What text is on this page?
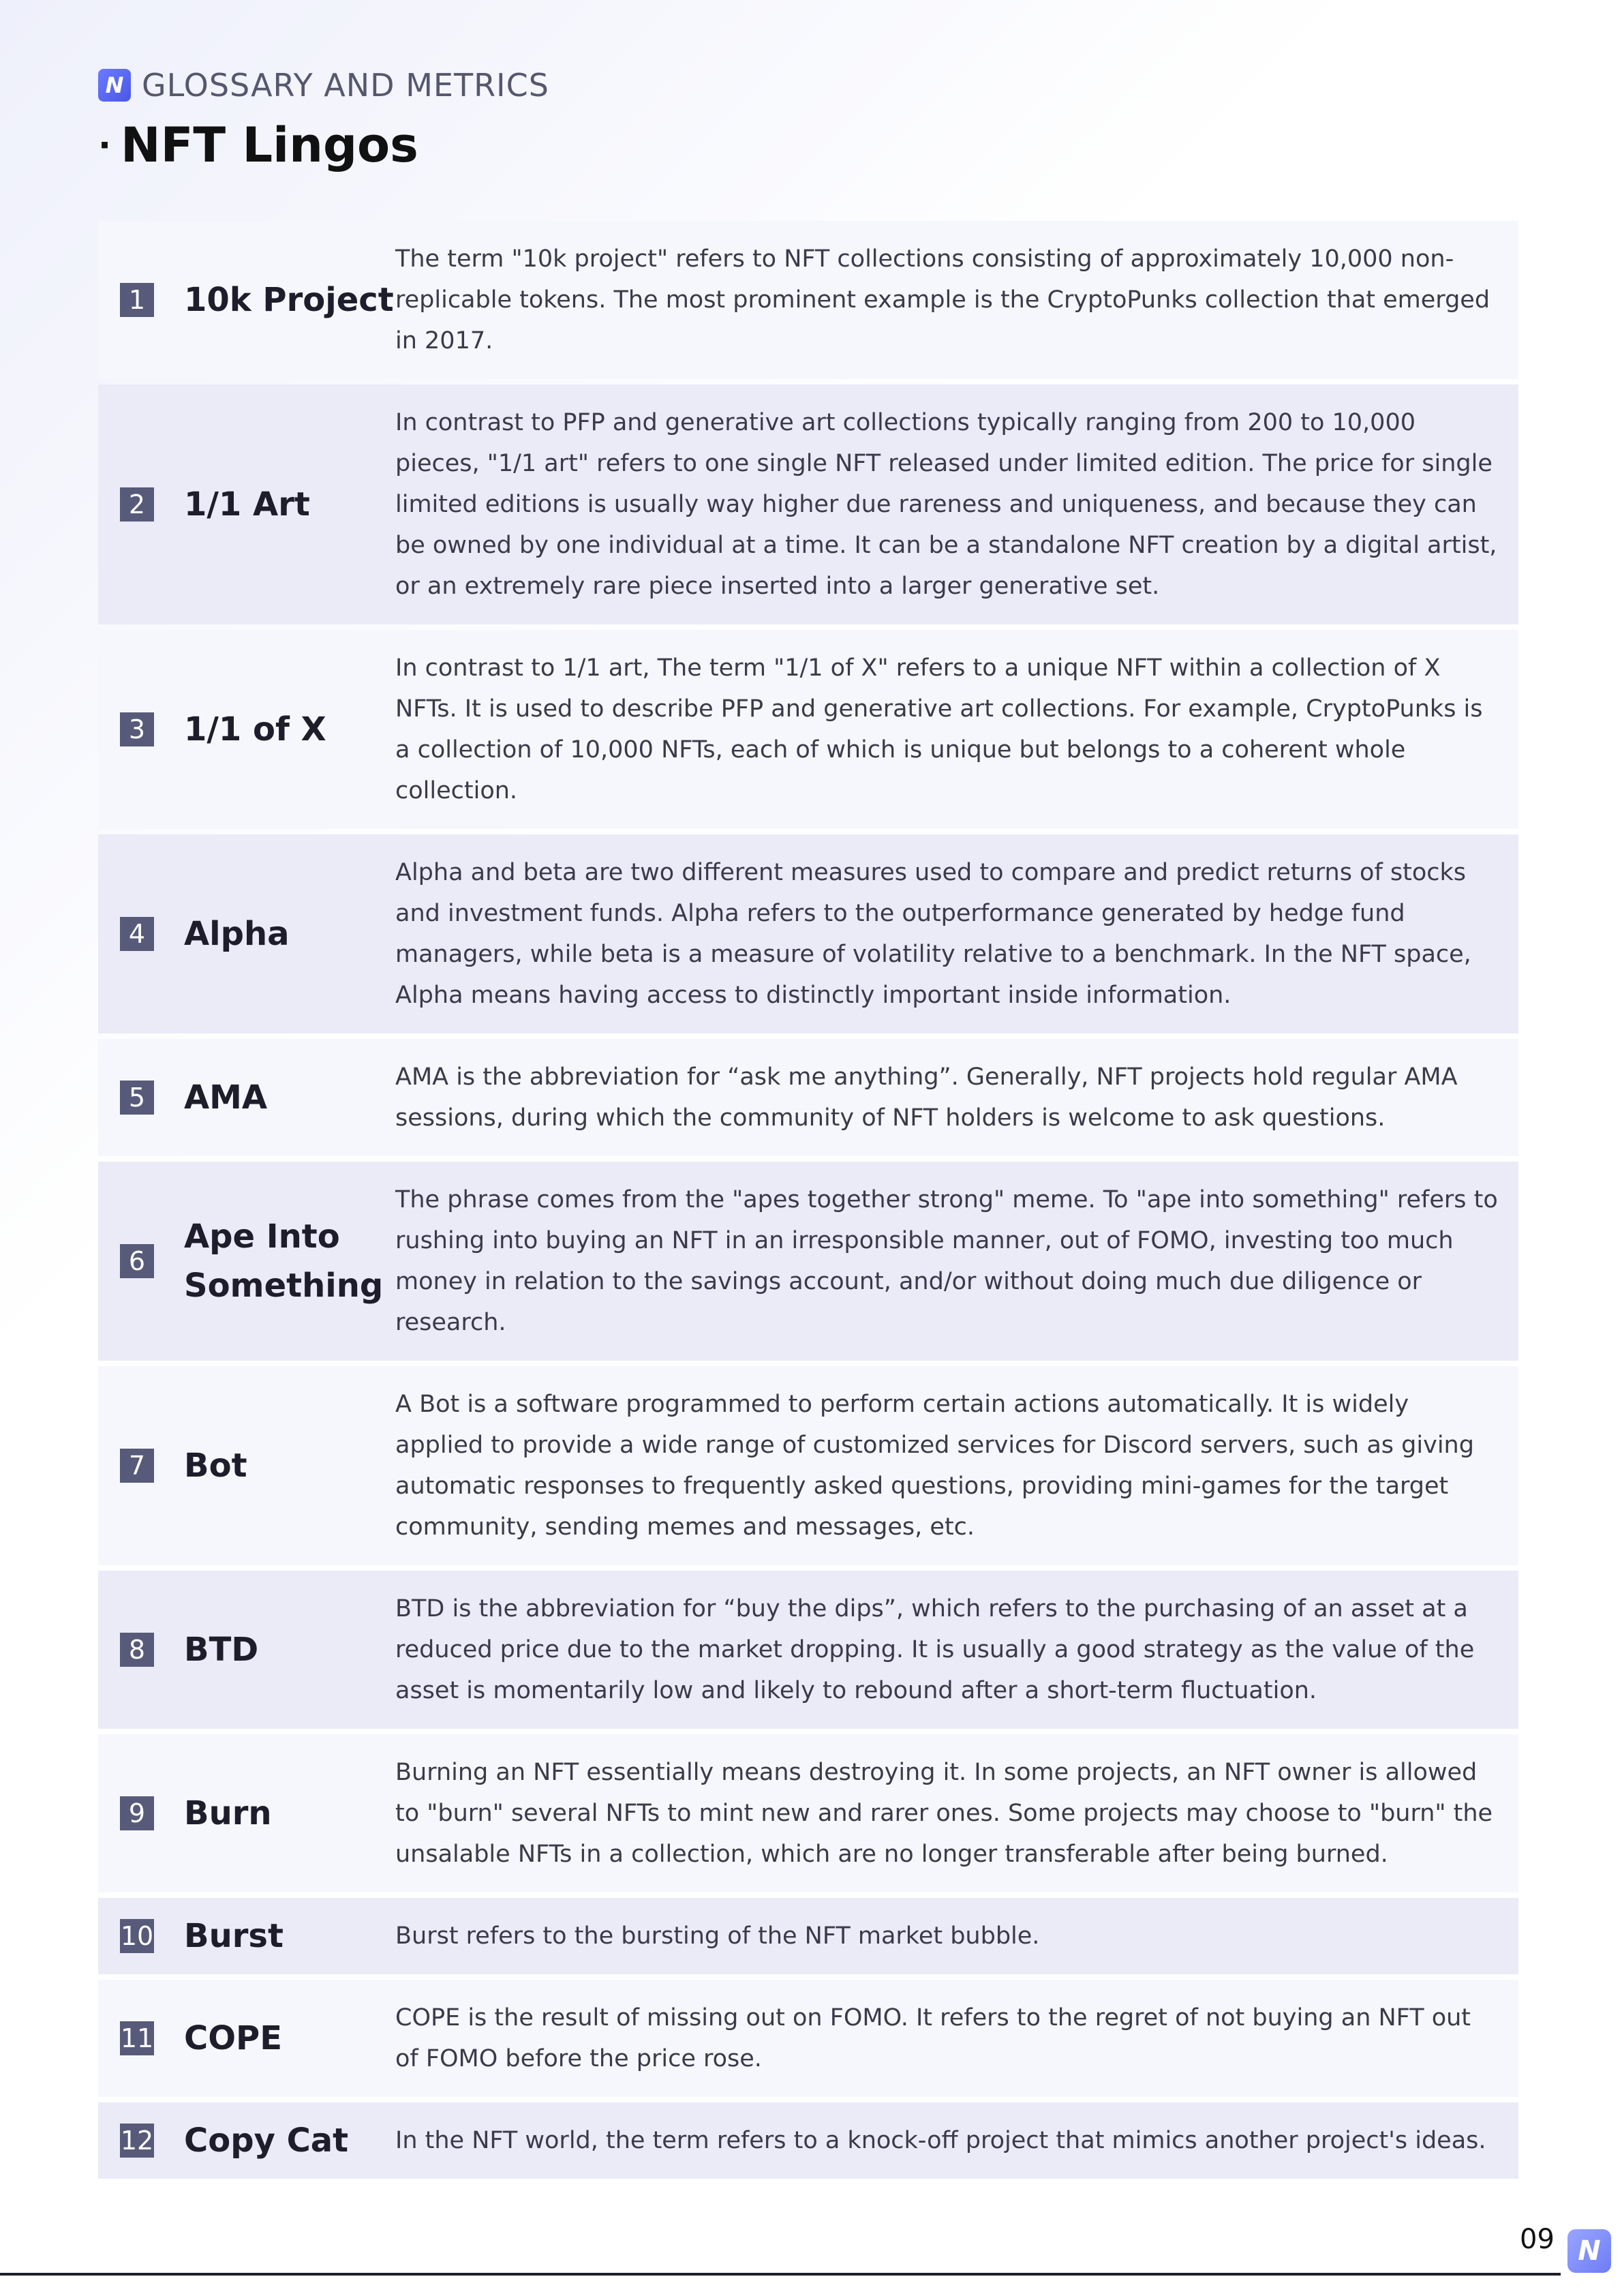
N GLOSSARY AND METRICS
· NFT Lingos
1 10k Project
The term "10k project" refers to NFT collections consisting of approximately 10,000 non-replicable tokens. The most prominent example is the CryptoPunks collection that emerged in 2017.
2 1/1 Art
In contrast to PFP and generative art collections typically ranging from 200 to 10,000 pieces, "1/1 art" refers to one single NFT released under limited edition. The price for single limited editions is usually way higher due rareness and uniqueness, and because they can be owned by one individual at a time. It can be a standalone NFT creation by a digital artist, or an extremely rare piece inserted into a larger generative set.
3 1/1 of X
In contrast to 1/1 art, The term "1/1 of X" refers to a unique NFT within a collection of X NFTs. It is used to describe PFP and generative art collections. For example, CryptoPunks is a collection of 10,000 NFTs, each of which is unique but belongs to a coherent whole collection.
4 Alpha
Alpha and beta are two different measures used to compare and predict returns of stocks and investment funds. Alpha refers to the outperformance generated by hedge fund managers, while beta is a measure of volatility relative to a benchmark. In the NFT space, Alpha means having access to distinctly important inside information.
5 AMA
AMA is the abbreviation for “ask me anything”. Generally, NFT projects hold regular AMA sessions, during which the community of NFT holders is welcome to ask questions.
6
Ape Into Something
The phrase comes from the "apes together strong" meme. To "ape into something" refers to rushing into buying an NFT in an irresponsible manner, out of FOMO, investing too much money in relation to the savings account, and/or without doing much due diligence or research.
7 Bot
A Bot is a software programmed to perform certain actions automatically. It is widely applied to provide a wide range of customized services for Discord servers, such as giving automatic responses to frequently asked questions, providing mini-games for the target community, sending memes and messages, etc.
8 BTD
BTD is the abbreviation for “buy the dips”, which refers to the purchasing of an asset at a reduced price due to the market dropping. It is usually a good strategy as the value of the asset is momentarily low and likely to rebound after a short-term fluctuation.
9 Burn
Burning an NFT essentially means destroying it. In some projects, an NFT owner is allowed to "burn" several NFTs to mint new and rarer ones. Some projects may choose to "burn" the unsalable NFTs in a collection, which are no longer transferable after being burned.
10 Burst	Burst refers to the bursting of the NFT market bubble.
11 COPE
COPE is the result of missing out on FOMO. It refers to the regret of not buying an NFT out of FOMO before the price rose.
12 Copy Cat In the NFT world, the term refers to a knock-off project that mimics another project's ideas.
09 N
